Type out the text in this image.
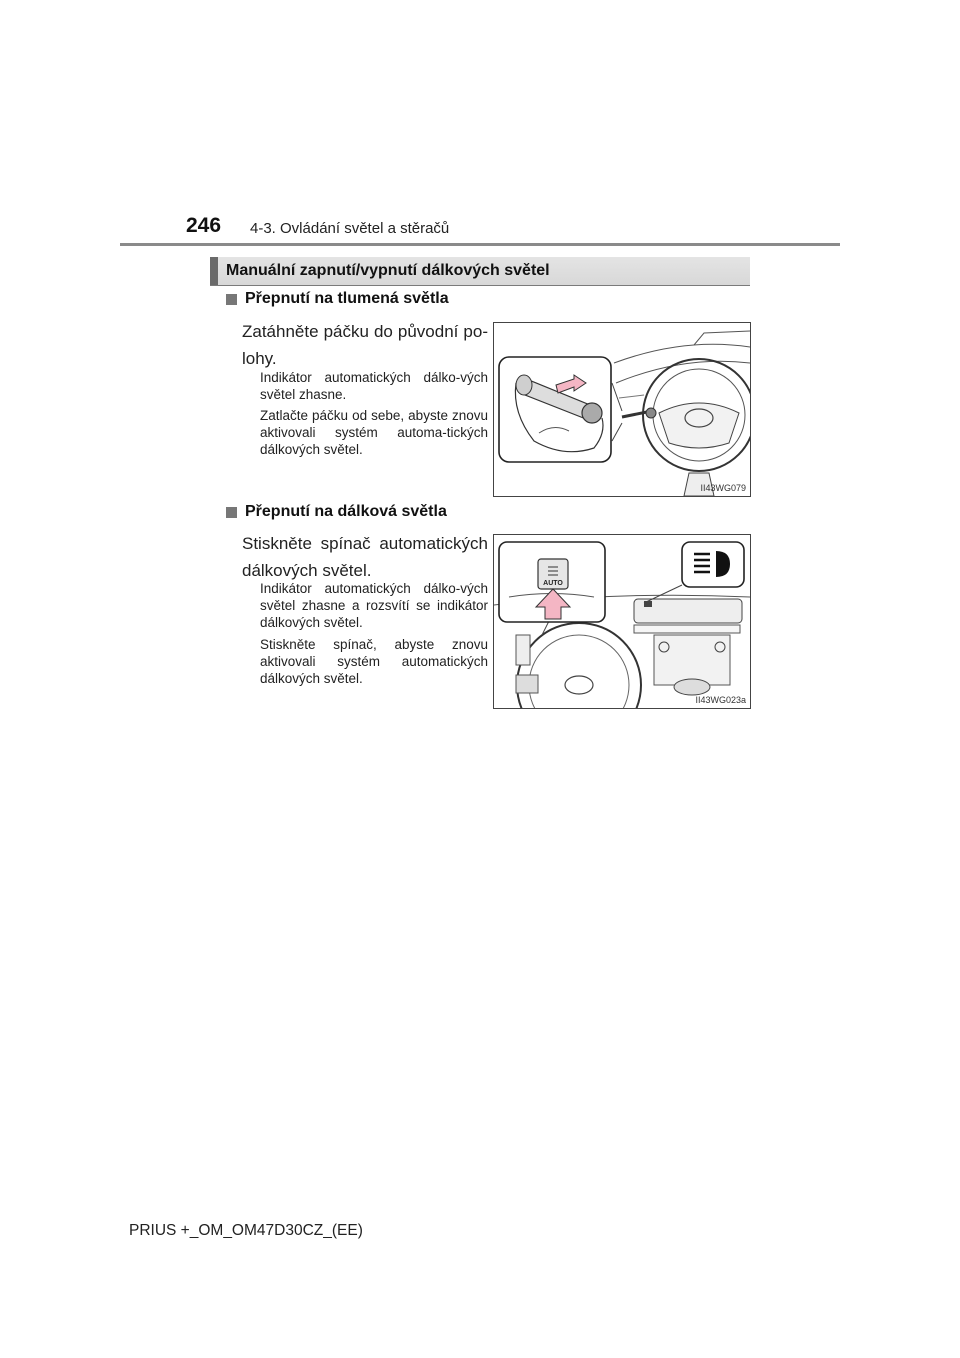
246 4-3. Ovládání světel a stěračů
Manuální zapnutí/vypnutí dálkových světel
Přepnutí na tlumená světla
Zatáhněte páčku do původní po-lohy.
Indikátor automatických dálko-vých světel zhasne.
Zatlačte páčku od sebe, abyste znovu aktivovali systém automa-tických dálkových světel.
II43WG079
Přepnutí na dálková světla
Stiskněte spínač automatických dálkových světel.
Indikátor automatických dálko-vých světel zhasne a rozsvítí se indikátor dálkových světel.
Stiskněte spínač, abyste znovu aktivovali systém automatických dálkových světel.
AUTO
II43WG023a
PRIUS +_OM_OM47D30CZ_(EE)
